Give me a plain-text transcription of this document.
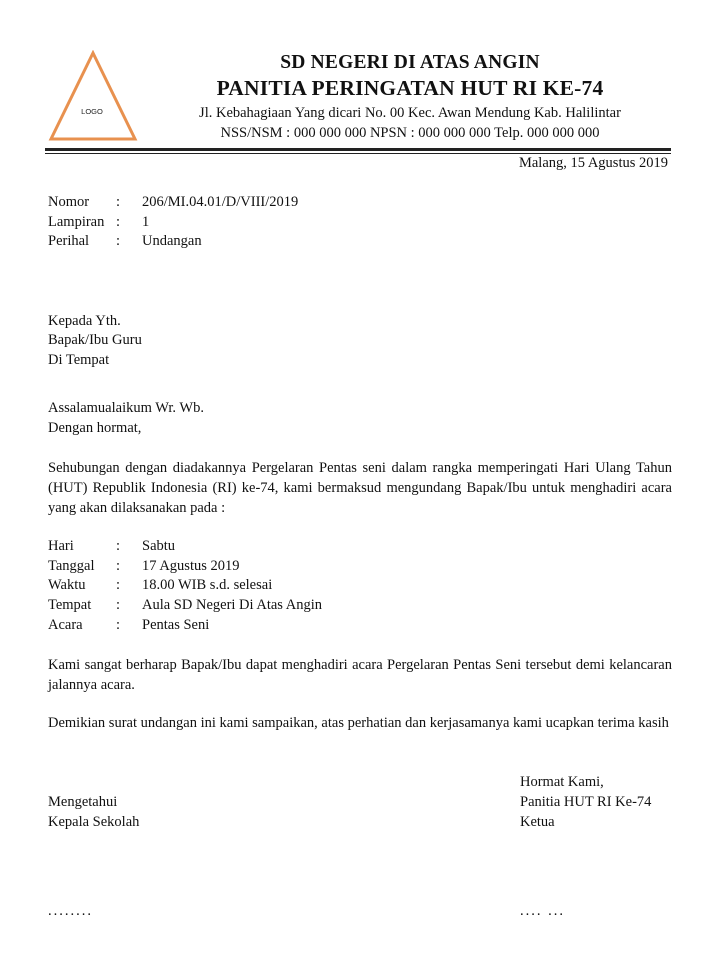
LOGO
SD NEGERI DI ATAS ANGIN
PANITIA PERINGATAN HUT RI KE-74
Jl. Kebahagiaan Yang dicari No. 00 Kec. Awan Mendung Kab. Halilintar
NSS/NSM : 000 000 000 NPSN : 000 000 000 Telp. 000 000 000
Malang, 15 Agustus 2019
Nomor : 206/MI.04.01/D/VIII/2019
Lampiran : 1
Perihal : Undangan
Kepada Yth.
Bapak/Ibu Guru
Di Tempat
Assalamualaikum Wr. Wb.
Dengan hormat,
Sehubungan dengan diadakannya Pergelaran Pentas seni dalam rangka memperingati Hari Ulang Tahun (HUT) Republik Indonesia (RI) ke-74, kami bermaksud mengundang Bapak/Ibu untuk menghadiri acara yang akan dilaksanakan pada :
Hari	: Sabtu
Tanggal : 17 Agustus 2019
Waktu : 18.00 WIB s.d. selesai
Tempat : Aula SD Negeri Di Atas Angin
Acara : Pentas Seni
Kami sangat berharap Bapak/Ibu dapat menghadiri acara Pergelaran Pentas Seni tersebut demi kelancaran jalannya acara.
Demikian surat undangan ini kami sampaikan, atas perhatian dan kerjasamanya kami ucapkan terima kasih
Hormat Kami,
Panitia HUT RI Ke-74
Ketua
Mengetahui
Kepala Sekolah
........	.... ...
